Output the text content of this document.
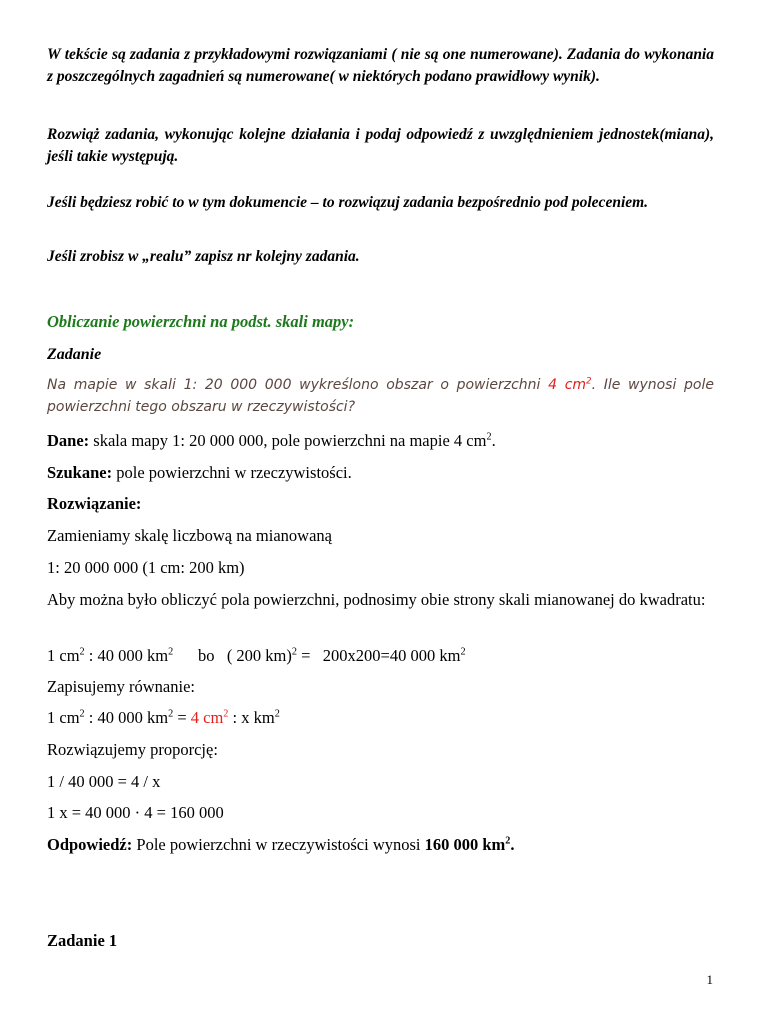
W tekście są zadania z przykładowymi rozwiązaniami ( nie są one numerowane). Zadania do wykonania z poszczególnych zagadnień są numerowane( w niektórych podano prawidłowy wynik).

Rozwiąż zadania, wykonując kolejne działania i podaj odpowiedź z uwzględnieniem jednostek(miana), jeśli takie występują.

Jeśli będziesz robić to w tym dokumencie – to rozwiązuj zadania bezpośrednio pod poleceniem.

Jeśli zrobisz w „realu” zapisz nr kolejny zadania.

Obliczanie powierzchni na podst. skali mapy:

Zadanie

Na mapie w skali 1: 20 000 000 wykreślono obszar o powierzchni 4 $cm^2$. Ile wynosi pole powierzchni tego obszaru w rzeczywistości?

Dane: skala mapy 1: 20 000 000, pole powierzchni na mapie 4 $cm^2$.

Szukane: pole powierzchni w rzeczywistości.

Rozwiązanie:

Zamieniamy skalę liczbową na mianowaną

1: 20 000 000 (1 cm: 200 km)

Aby można było obliczyć pola powierzchni, podnosimy obie strony skali mianowanej do kwadratu:

1 $cm^2$ : 40 000 $km^2$      bo   ( 200 km)$^2$ =   200x200=40 000 $km^2$

Zapisujemy równanie:

1 $cm^2$ : 40 000 $km^2 = 4$ $cm^2$ : x $km^2$

Rozwiązujemy proporcję:

1 / 40 000 = 4 / x

1 x = 40 000 · 4 = 160 000

Odpowiedź: Pole powierzchni w rzeczywistości wynosi 160 000 $km^2$.

Zadanie 1

1
